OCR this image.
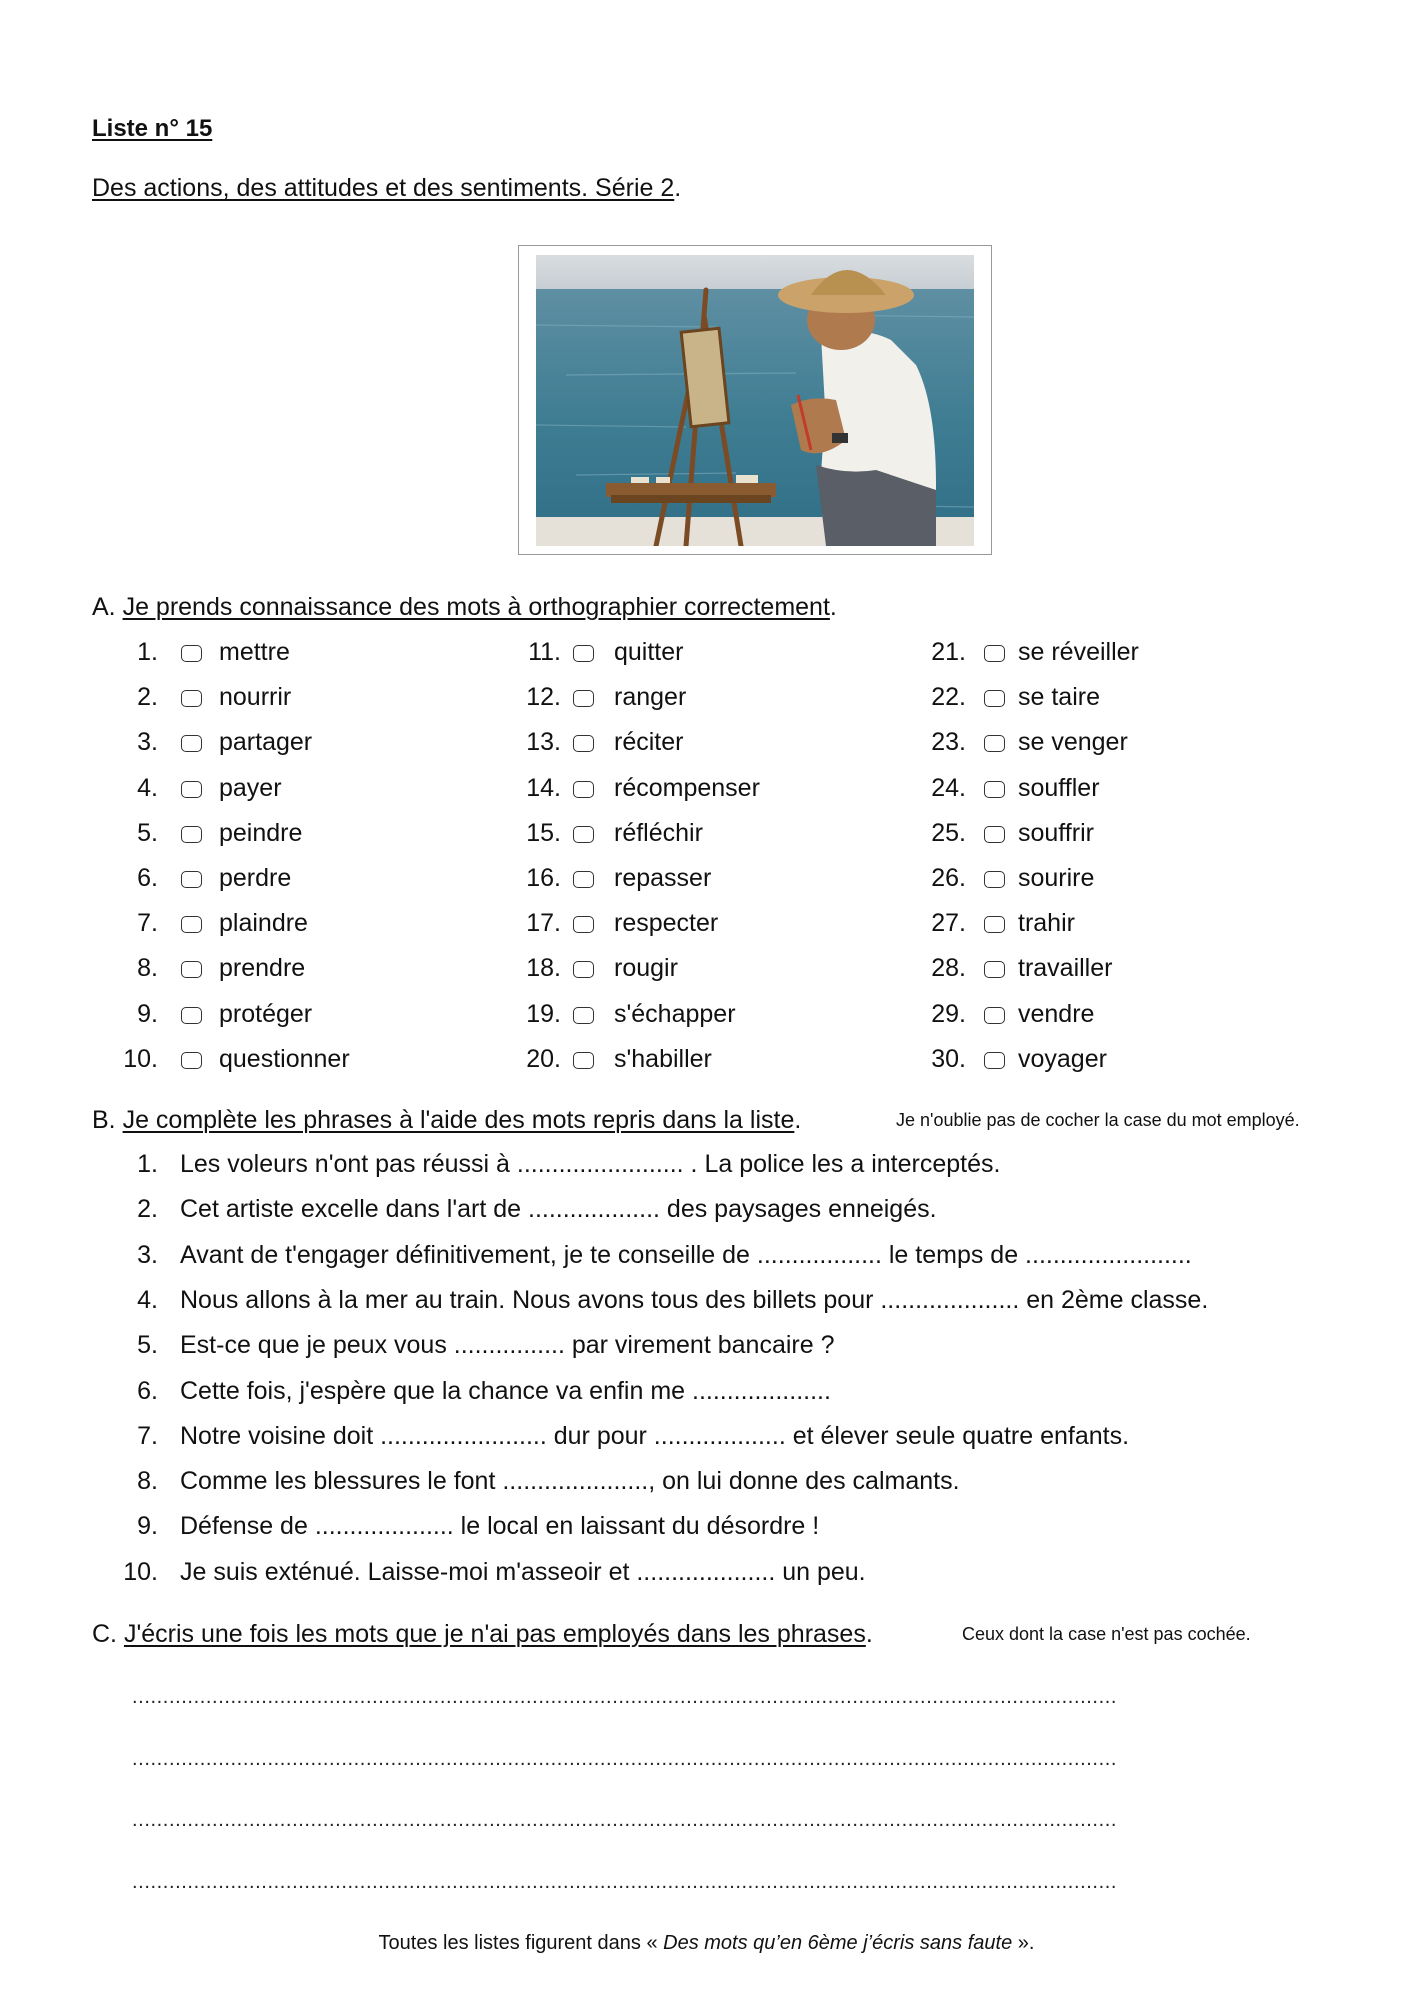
Liste n° 15
Des actions, des attitudes et des sentiments. Série 2.
A. Je prends connaissance des mots à orthographier correctement.
1. mettre
2. nourrir
3. partager
4. payer
5. peindre
6. perdre
7. plaindre
8. prendre
9. protéger
10. questionner
11. quitter
12. ranger
13. réciter
14. récompenser
15. réfléchir
16. repasser
17. respecter
18. rougir
19. s'échapper
20. s'habiller
21. se réveiller
22. se taire
23. se venger
24. souffler
25. souffrir
26. sourire
27. trahir
28. travailler
29. vendre
30. voyager
B. Je complète les phrases à l'aide des mots repris dans la liste.	Je n'oublie pas de cocher la case du mot employé.
1. Les voleurs n'ont pas réussi à ........................ . La police les a interceptés.
2. Cet artiste excelle dans l'art de ................... des paysages enneigés.
3. Avant de t'engager définitivement, je te conseille de .................. le temps de ........................
4. Nous allons à la mer au train. Nous avons tous des billets pour .................... en 2ème classe.
5. Est-ce que je peux vous ................ par virement bancaire ?
6. Cette fois, j'espère que la chance va enfin me ....................
7. Notre voisine doit ........................ dur pour ................... et élever seule quatre enfants.
8. Comme les blessures le font ....................., on lui donne des calmants.
9. Défense de .................... le local en laissant du désordre !
10. Je suis exténué. Laisse-moi m'asseoir et .................... un peu.
C. J'écris une fois les mots que je n'ai pas employés dans les phrases.	Ceux dont la case n'est pas cochée.
................................................................................................................................................................
................................................................................................................................................................
................................................................................................................................................................
................................................................................................................................................................
Toutes les listes figurent dans « Des mots qu’en 6ème j’écris sans faute ».
